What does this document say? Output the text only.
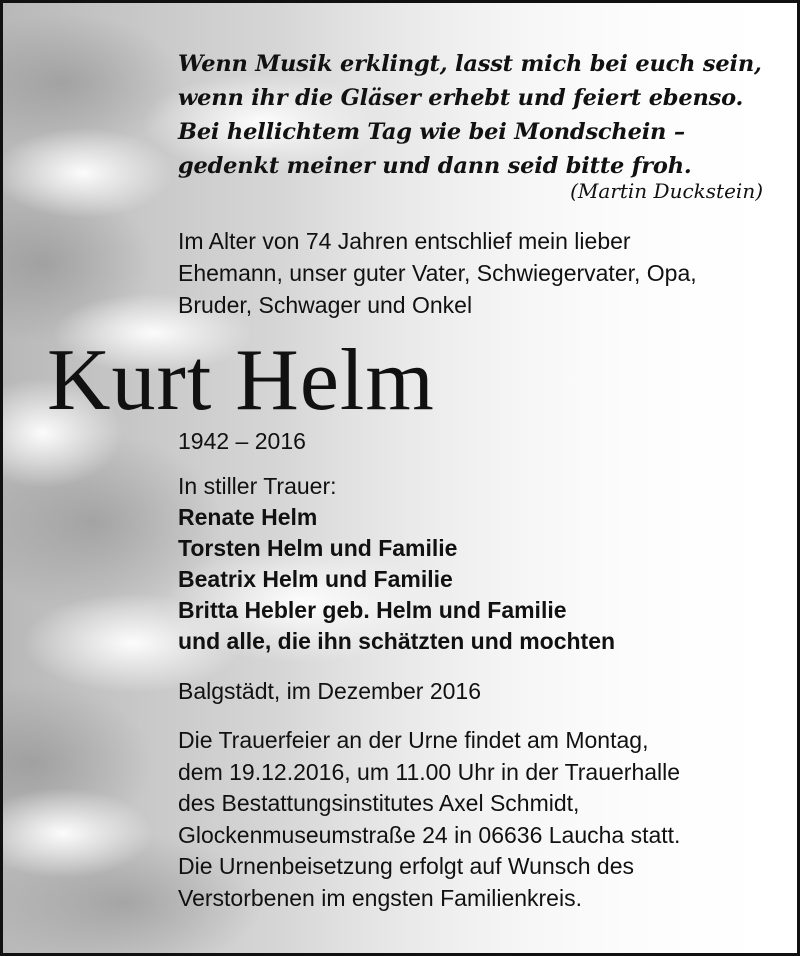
Wenn Musik erklingt, lasst mich bei euch sein,
wenn ihr die Gläser erhebt und feiert ebenso.
Bei hellichtem Tag wie bei Mondschein –
gedenkt meiner und dann seid bitte froh.
(Martin Duckstein)
Im Alter von 74 Jahren entschlief mein lieber
Ehemann, unser guter Vater, Schwiegervater, Opa,
Bruder, Schwager und Onkel
Kurt Helm
1942 – 2016
In stiller Trauer:
Renate Helm
Torsten Helm und Familie
Beatrix Helm und Familie
Britta Hebler geb. Helm und Familie
und alle, die ihn schätzten und mochten
Balgstädt, im Dezember 2016
Die Trauerfeier an der Urne findet am Montag,
dem 19.12.2016, um 11.00 Uhr in der Trauerhalle
des Bestattungsinstitutes Axel Schmidt,
Glockenmuseumstraße 24 in 06636 Laucha statt.
Die Urnenbeisetzung erfolgt auf Wunsch des
Verstorbenen im engsten Familienkreis.
